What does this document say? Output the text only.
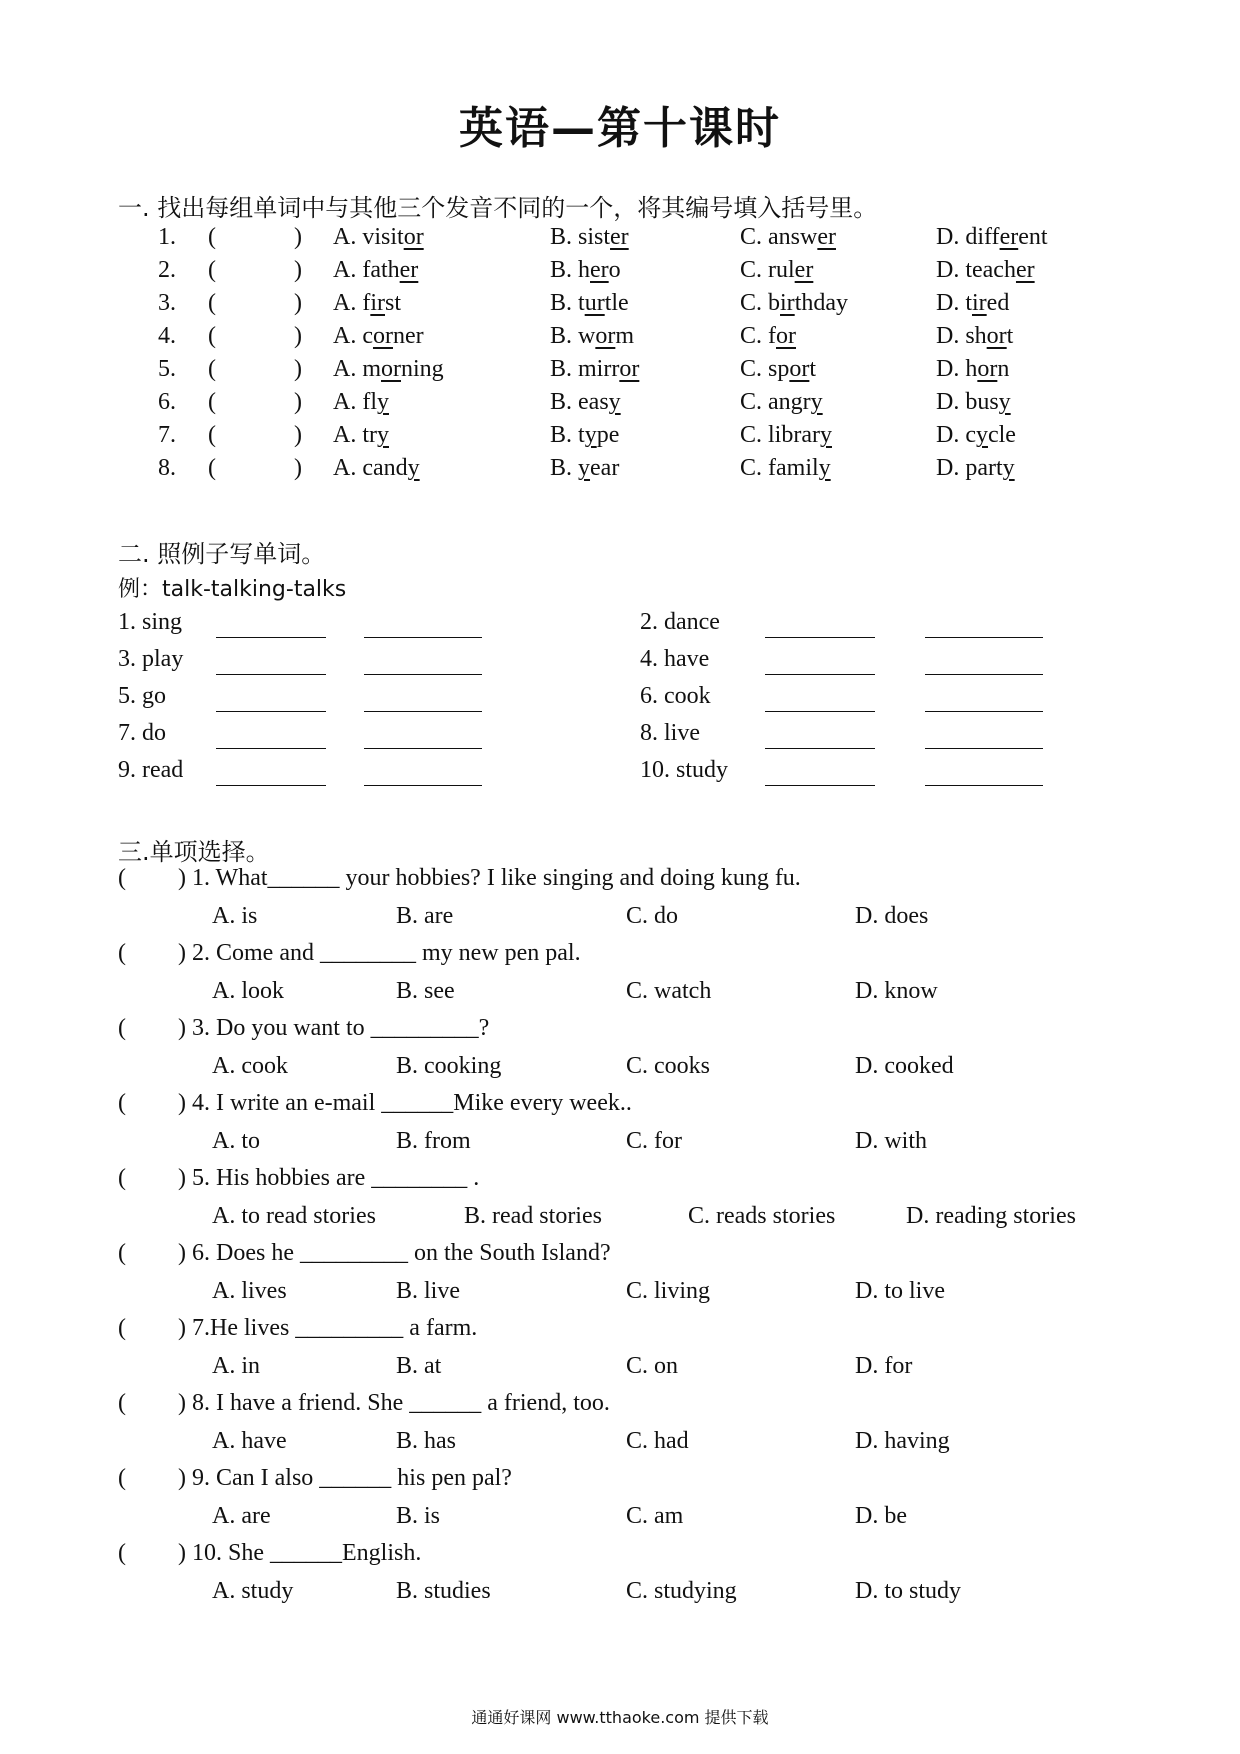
英语—第十课时
一. 找出每组单词中与其他三个发音不同的一个，将其编号填入括号里。
1. (	) A. visitor	B. sister	C. answer	D. different
2. (	) A. father	B. hero	C. ruler	D. teacher
3. (	) A. first	B. turtle	C. birthday	D. tired
4. (	) A. corner	B. worm	C. for	D. short
5. (	) A. morning	B. mirror	C. sport	D. horn
6. (	) A. fly	B. easy	C. angry	D. busy
7. (	) A. try	B. type	C. library	D. cycle
8. (	) A. candy	B. year	C. family	D. party
二. 照例子写单词。
例：talk-talking-talks
1. sing	2. dance
3. play	4. have
5. go	6. cook
7. do	8. live
9. read	10. study
三.单项选择。
( ) 1. What______ your hobbies? I like singing and doing kung fu.
A. is	B. are	C. do	D. does
( ) 2. Come and ________ my new pen pal.
A. look	B. see	C. watch	D. know
( ) 3. Do you want to _________?
A. cook	B. cooking	C. cooks	D. cooked
( ) 4. I write an e-mail ______Mike every week..
A. to	B. from	C. for	D. with
( ) 5. His hobbies are ________ .
A. to read stories	B. read stories	C. reads stories	D. reading stories
( ) 6. Does he _________ on the South Island?
A. lives	B. live	C. living	D. to live
( ) 7.He lives _________ a farm.
A. in	B. at	C. on	D. for
( ) 8. I have a friend. She ______ a friend, too.
A. have	B. has	C. had	D. having
( ) 9. Can I also ______ his pen pal?
A. are	B. is	C. am	D. be
( ) 10. She ______English.
A. study	B. studies	C. studying	D. to study
通通好课网 www.tthaoke.com 提供下载
